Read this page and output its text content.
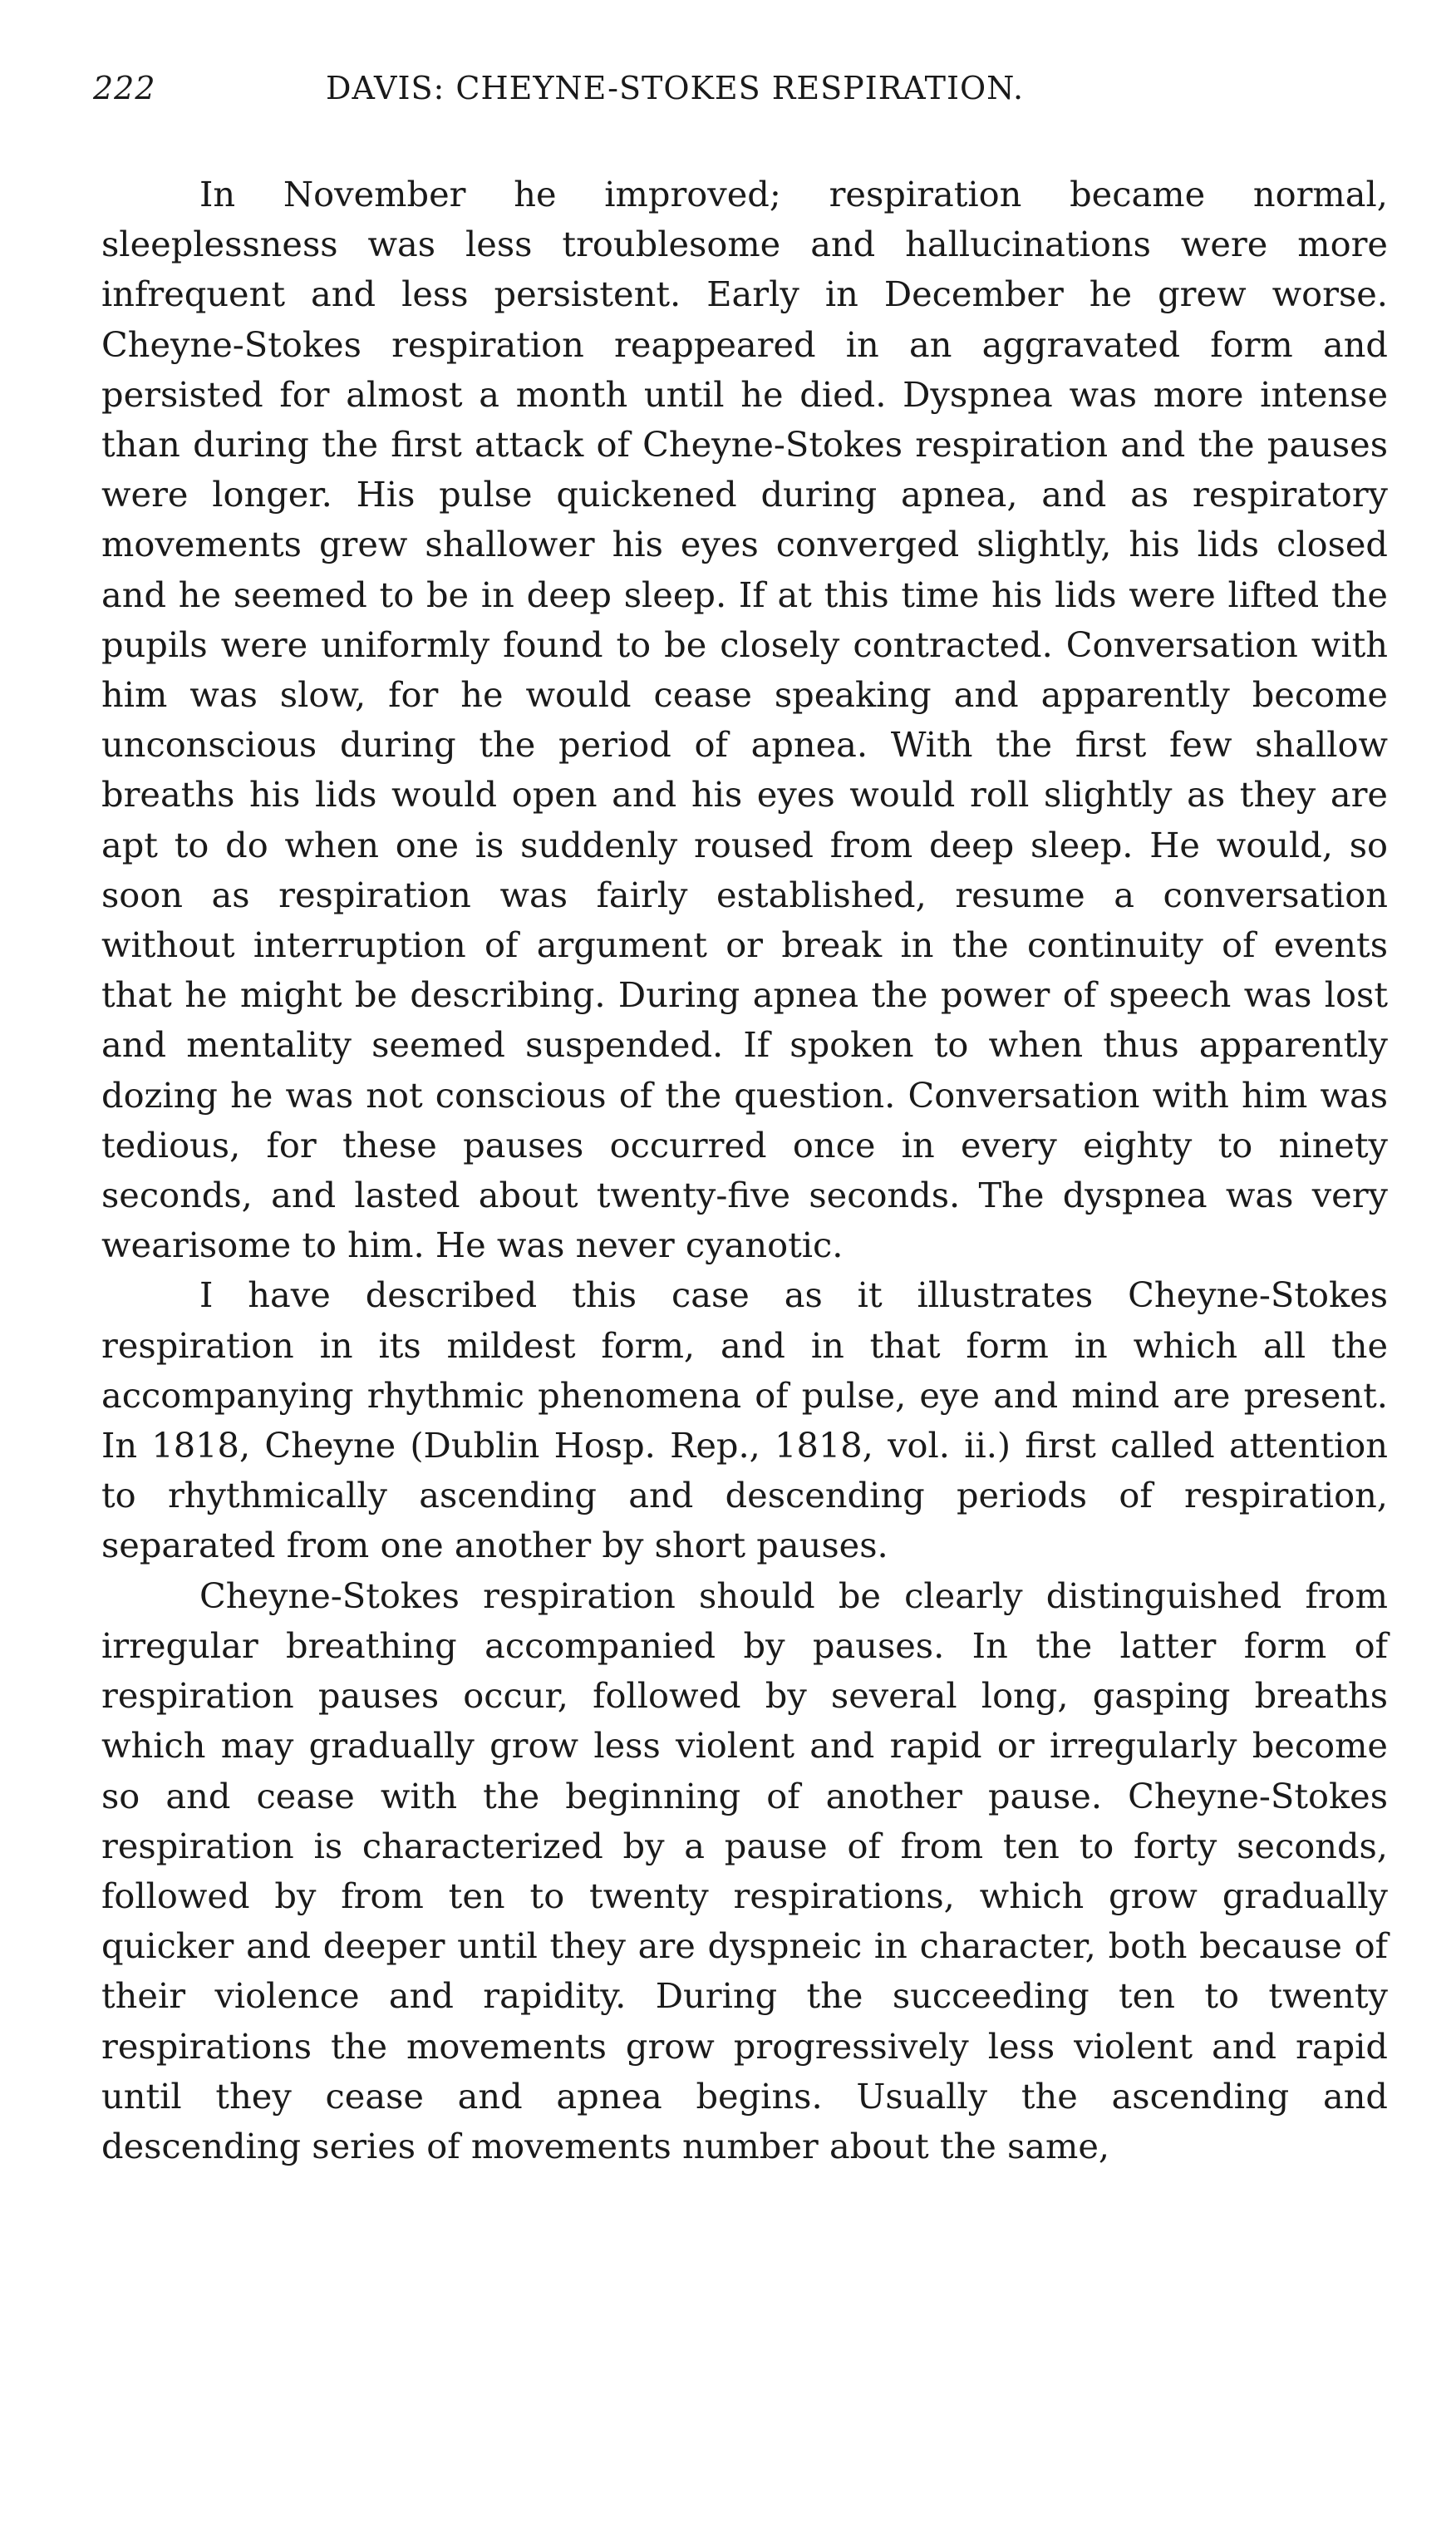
222	DAVIS: CHEYNE-STOKES RESPIRATION.

In November he improved; respiration became normal, sleeplessness was less troublesome and hallucinations were more infrequent and less persistent. Early in December he grew worse. Cheyne-Stokes respiration reappeared in an aggravated form and persisted for almost a month until he died. Dyspnea was more intense than during the first attack of Cheyne-Stokes respiration and the pauses were longer. His pulse quickened during apnea, and as respiratory movements grew shallower his eyes converged slightly, his lids closed and he seemed to be in deep sleep. If at this time his lids were lifted the pupils were uniformly found to be closely contracted. Conversation with him was slow, for he would cease speaking and apparently become unconscious during the period of apnea. With the first few shallow breaths his lids would open and his eyes would roll slightly as they are apt to do when one is suddenly roused from deep sleep. He would, so soon as respiration was fairly established, resume a conversation without interruption of argument or break in the continuity of events that he might be describing. During apnea the power of speech was lost and mentality seemed suspended. If spoken to when thus apparently dozing he was not conscious of the question. Conversation with him was tedious, for these pauses occurred once in every eighty to ninety seconds, and lasted about twenty-five seconds. The dyspnea was very wearisome to him. He was never cyanotic.

I have described this case as it illustrates Cheyne-Stokes respiration in its mildest form, and in that form in which all the accompanying rhythmic phenomena of pulse, eye and mind are present. In 1818, Cheyne (Dublin Hosp. Rep., 1818, vol. ii.) first called attention to rhythmically ascending and descending periods of respiration, separated from one another by short pauses.

Cheyne-Stokes respiration should be clearly distinguished from irregular breathing accompanied by pauses. In the latter form of respiration pauses occur, followed by several long, gasping breaths which may gradually grow less violent and rapid or irregularly become so and cease with the beginning of another pause. Cheyne-Stokes respiration is characterized by a pause of from ten to forty seconds, followed by from ten to twenty respirations, which grow gradually quicker and deeper until they are dyspneic in character, both because of their violence and rapidity. During the succeeding ten to twenty respirations the movements grow progressively less violent and rapid until they cease and apnea begins. Usually the ascending and descending series of movements number about the same,
